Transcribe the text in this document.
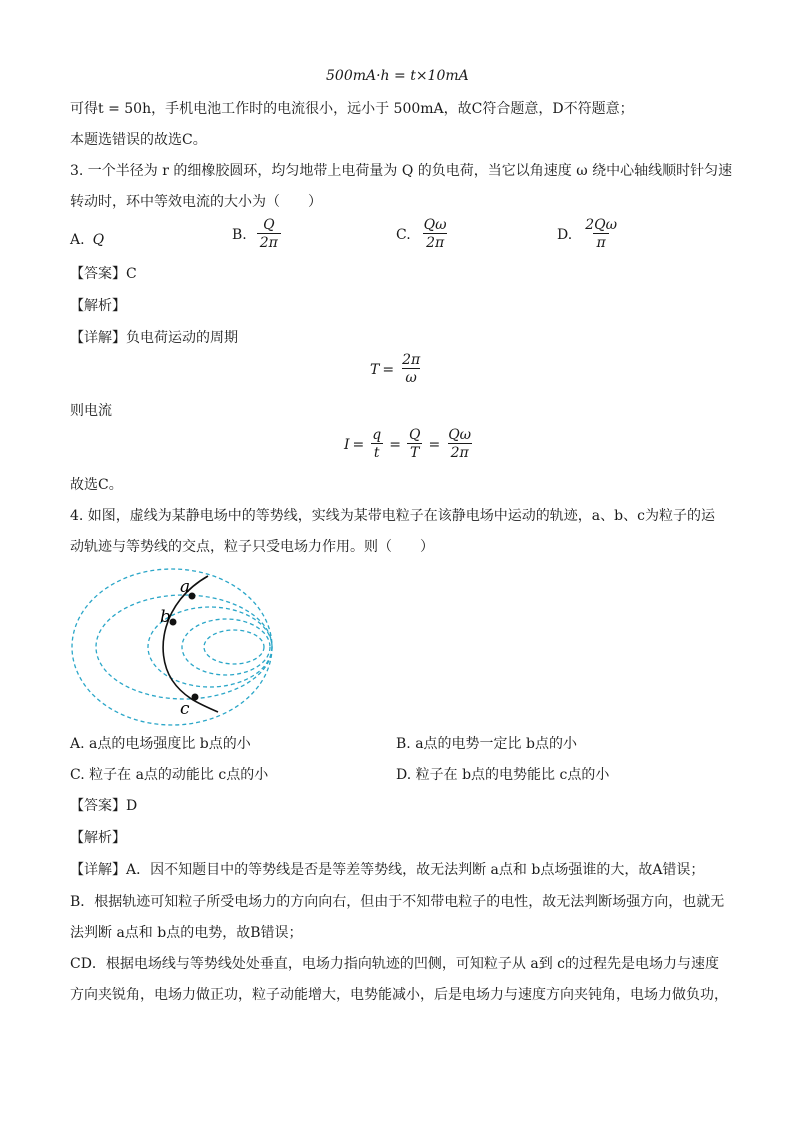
500mA·h = t×10mA
可得t = 50h，手机电池工作时的电流很小，远小于 500mA，故C符合题意，D不符题意；
本题选错误的故选C。
3. 一个半径为 r 的细橡胶圆环，均匀地带上电荷量为 Q 的负电荷，当它以角速度 ω 绕中心轴线顺时针匀速
转动时，环中等效电流的大小为（　　）
A. Q	B. $\frac{Q}{2\pi}$	C. $\frac{Q\omega}{2\pi}$	D. $\frac{2Q\omega}{\pi}$
【答案】C
【解析】
【详解】负电荷运动的周期
$T = \frac{2\pi}{\omega}$
则电流
$I = \frac{q}{t} = \frac{Q}{T} = \frac{Q\omega}{2\pi}$
故选C。
4. 如图，虚线为某静电场中的等势线，实线为某带电粒子在该静电场中运动的轨迹，a、b、c为粒子的运
动轨迹与等势线的交点，粒子只受电场力作用。则（　　）
a
b
c
A. a点的电场强度比 b点的小	B. a点的电势一定比 b点的小
C. 粒子在 a点的动能比 c点的小	D. 粒子在 b点的电势能比 c点的小
【答案】D
【解析】
【详解】A．因不知题目中的等势线是否是等差等势线，故无法判断 a点和 b点场强谁的大，故A错误；
B．根据轨迹可知粒子所受电场力的方向向右，但由于不知带电粒子的电性，故无法判断场强方向，也就无
法判断 a点和 b点的电势，故B错误；
CD．根据电场线与等势线处处垂直，电场力指向轨迹的凹侧，可知粒子从 a到 c的过程先是电场力与速度
方向夹锐角，电场力做正功，粒子动能增大，电势能减小，后是电场力与速度方向夹钝角，电场力做负功，
